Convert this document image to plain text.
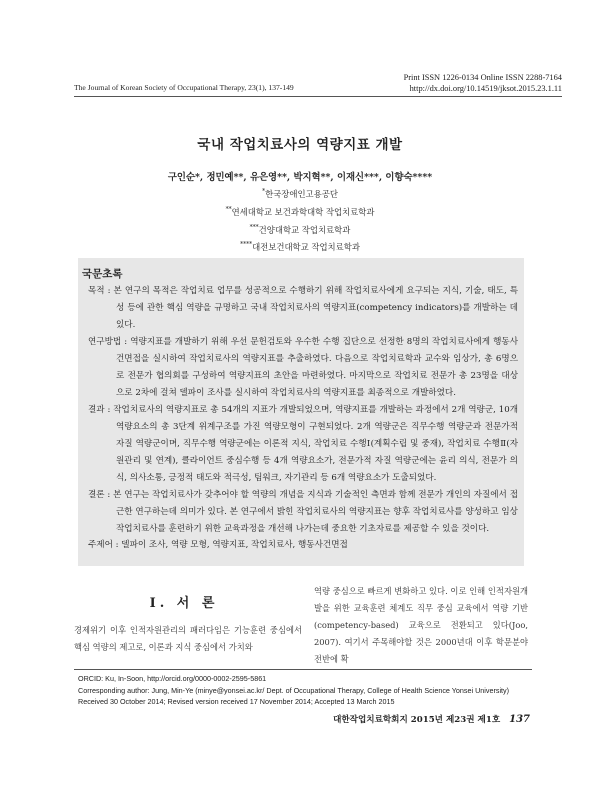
Print ISSN 1226-0134 Online ISSN 2288-7164
http://dx.doi.org/10.14519/jksot.2015.23.1.11
The Journal of Korean Society of Occupational Therapy, 23(1), 137-149
국내 작업치료사의 역량지표 개발
구인순*, 정민예**, 유은영**, 박지혁**, 이재신***, 이향숙****
*한국장애인고용공단
**연세대학교 보건과학대학 작업치료학과
***건양대학교 작업치료학과
****대전보건대학교 작업치료학과
국문초록

목적 : 본 연구의 목적은 작업치료 업무를 성공적으로 수행하기 위해 작업치료사에게 요구되는 지식, 기술, 태도, 특성 등에 관한 핵심 역량을 규명하고 국내 작업치료사의 역량지표(competency indicators)를 개발하는 데 있다.

연구방법 : 역량지표를 개발하기 위해 우선 문헌검토와 우수한 수행 집단으로 선정한 8명의 작업치료사에게 행동사건면접을 실시하여 작업치료사의 역량지표를 추출하였다. 다음으로 작업치료학과 교수와 임상가, 총 6명으로 전문가 협의회를 구성하여 역량지표의 초안을 마련하였다. 마지막으로 작업치료 전문가 총 23명을 대상으로 2차에 걸쳐 델파이 조사를 실시하여 작업치료사의 역량지표를 최종적으로 개발하였다.

결과 : 작업치료사의 역량지표로 총 54개의 지표가 개발되었으며, 역량지표를 개발하는 과정에서 2개 역량군, 10개 역량요소의 총 3단계 위계구조를 가진 역량모형이 구현되었다. 2개 역량군은 직무수행 역량군과 전문가적 자질 역량군이며, 직무수행 역량군에는 이론적 지식, 작업치료 수행Ⅰ(계획수립 및 중재), 작업치료 수행Ⅱ(자원관리 및 연계), 클라이언트 중심수행 등 4개 역량요소가, 전문가적 자질 역량군에는 윤리 의식, 전문가 의식, 의사소통, 긍정적 태도와 적극성, 팀워크, 자기관리 등 6개 역량요소가 도출되었다.

결론 : 본 연구는 작업치료사가 갖추어야 할 역량의 개념을 지식과 기술적인 측면과 함께 전문가 개인의 자질에서 접근한 연구하는데 의미가 있다. 본 연구에서 밝힌 작업치료사의 역량지표는 향후 작업치료사를 양성하고 임상 작업치료사를 훈련하기 위한 교육과정을 개선해 나가는데 중요한 기초자료를 제공할 수 있을 것이다.

주제어 : 델파이 조사, 역량 모형, 역량지표, 작업치료사, 행동사건면접
Ⅰ. 서 론

경제위기 이후 인적자원관리의 패러다임은 기능훈련 중심에서 핵심 역량의 제고로, 이론과 지식 중심에서 가치와

역량 중심으로 빠르게 변화하고 있다. 이로 인해 인적자원개발을 위한 교육훈련 체계도 직무 중심 교육에서 역량 기반(competency-based) 교육으로 전환되고 있다(Joo, 2007). 여기서 주목해야할 것은 2000년대 이후 학문분야 전반에 확

ORCID: Ku, In-Soon, http://orcid.org/0000-0002-2595-5861
Corresponding author: Jung, Min-Ye (minye@yonsei.ac.kr/ Dept. of Occupational Therapy, College of Health Science Yonsei University)
Received 30 October 2014; Revised version received 17 November 2014; Accepted 13 March 2015
대한작업치료학회지 2015년 제23권 제1호 137
